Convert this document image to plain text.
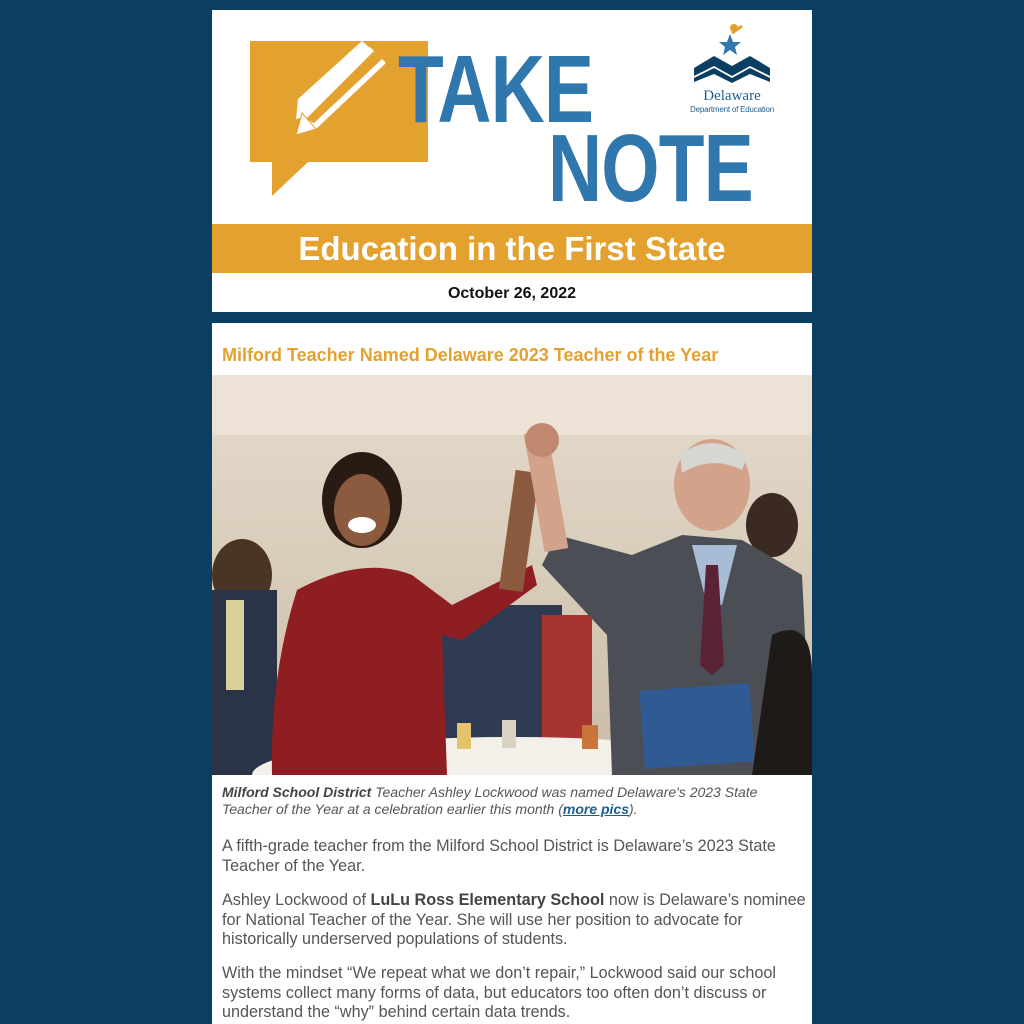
TAKE
NOTE
Delaware
Department of Education
Education in the First State
October 26, 2022
Milford Teacher Named Delaware 2023 Teacher of the Year
Milford School District Teacher Ashley Lockwood was named Delaware's 2023 State Teacher of the Year at a celebration earlier this month (more pics).
A fifth-grade teacher from the Milford School District is Delaware’s 2023 State Teacher of the Year.
Ashley Lockwood of LuLu Ross Elementary School now is Delaware’s nominee for National Teacher of the Year. She will use her position to advocate for historically underserved populations of students.
With the mindset “We repeat what we don’t repair,” Lockwood said our school systems collect many forms of data, but educators too often don’t discuss or understand the “why” behind certain data trends.
